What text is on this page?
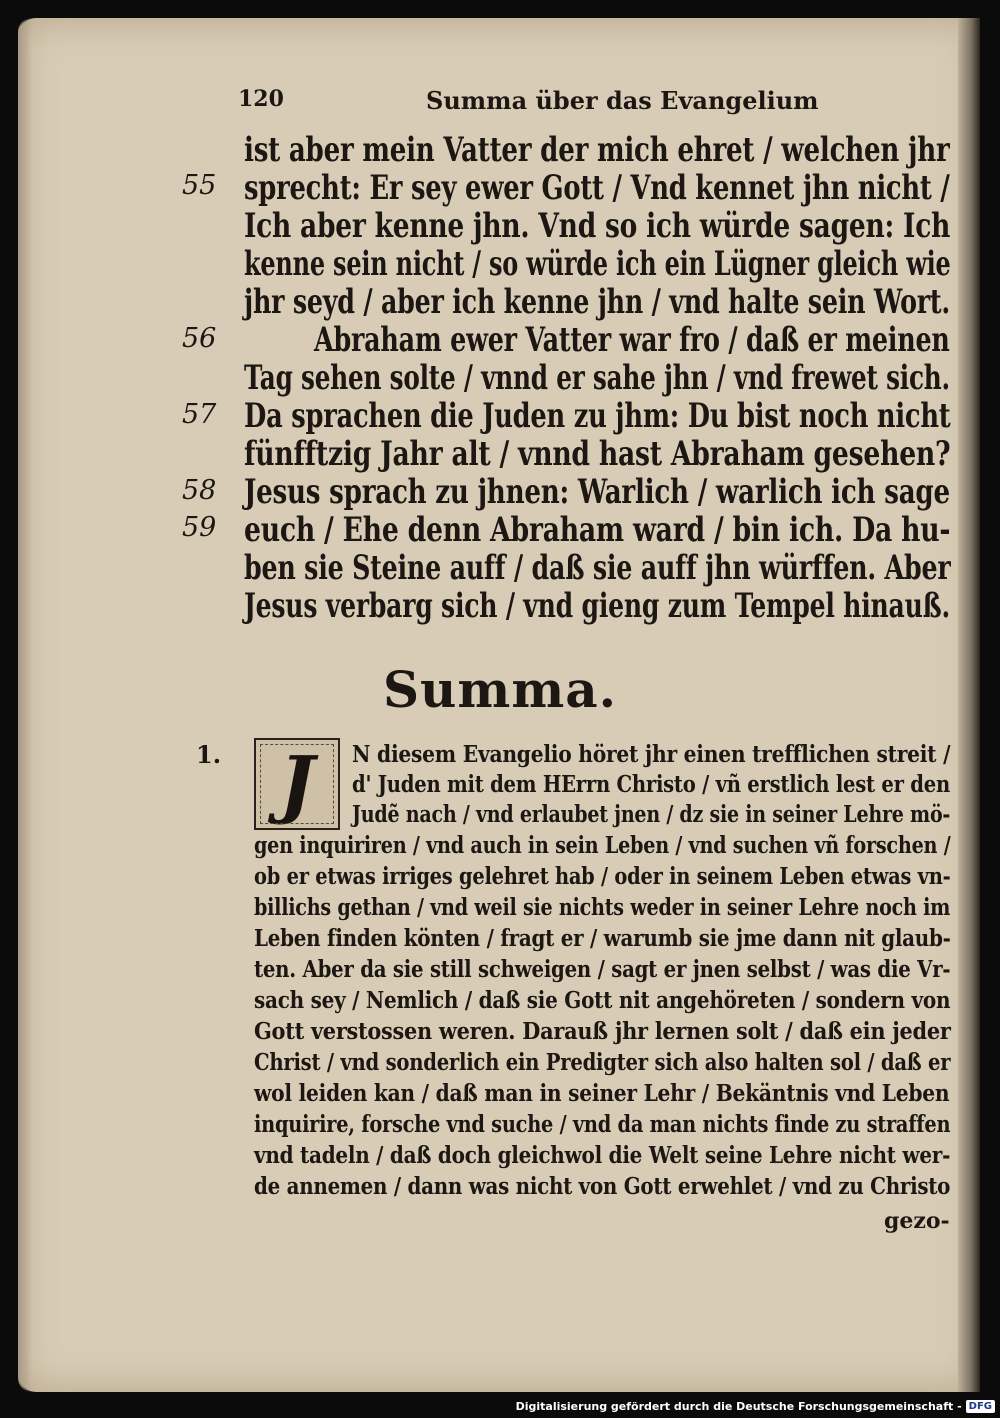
120	Summa über das Evangelium
55
56
57
58
59
ist aber mein Vatter der mich ehret / welchen jhr
sprecht: Er sey ewer Gott / Vnd kennet jhn nicht /
Ich aber kenne jhn. Vnd so ich würde sagen: Ich
kenne sein nicht / so würde ich ein Lügner gleich wie
jhr seyd / aber ich kenne jhn / vnd halte sein Wort.
Abraham ewer Vatter war fro / daß er meinen
Tag sehen solte / vnnd er sahe jhn / vnd frewet sich.
Da sprachen die Juden zu jhm: Du bist noch nicht
fünfftzig Jahr alt / vnnd hast Abraham gesehen?
Jesus sprach zu jhnen: Warlich / warlich ich sage
euch / Ehe denn Abraham ward / bin ich. Da hu-
ben sie Steine auff / daß sie auff jhn würffen. Aber
Jesus verbarg sich / vnd gieng zum Tempel hinauß.
Summa.
1. J	N diesem Evangelio höret jhr einen trefflichen streit /
d' Juden mit dem HErrn Christo / vñ erstlich lest er den
Judẽ nach / vnd erlaubet jnen / dz sie in seiner Lehre mö-
gen inquiriren / vnd auch in sein Leben / vnd suchen vñ forschen /
ob er etwas irriges gelehret hab / oder in seinem Leben etwas vn-
billichs gethan / vnd weil sie nichts weder in seiner Lehre noch im
Leben finden könten / fragt er / warumb sie jme dann nit glaub-
ten. Aber da sie still schweigen / sagt er jnen selbst / was die Vr-
sach sey / Nemlich / daß sie Gott nit angehöreten / sondern von
Gott verstossen weren. Darauß jhr lernen solt / daß ein jeder
Christ / vnd sonderlich ein Predigter sich also halten sol / daß er
wol leiden kan / daß man in seiner Lehr / Bekäntnis vnd Leben
inquirire, forsche vnd suche / vnd da man nichts finde zu straffen
vnd tadeln / daß doch gleichwol die Welt seine Lehre nicht wer-
de annemen / dann was nicht von Gott erwehlet / vnd zu Christo
gezo-
Digitalisierung gefördert durch die Deutsche Forschungsgemeinschaft - DFG
